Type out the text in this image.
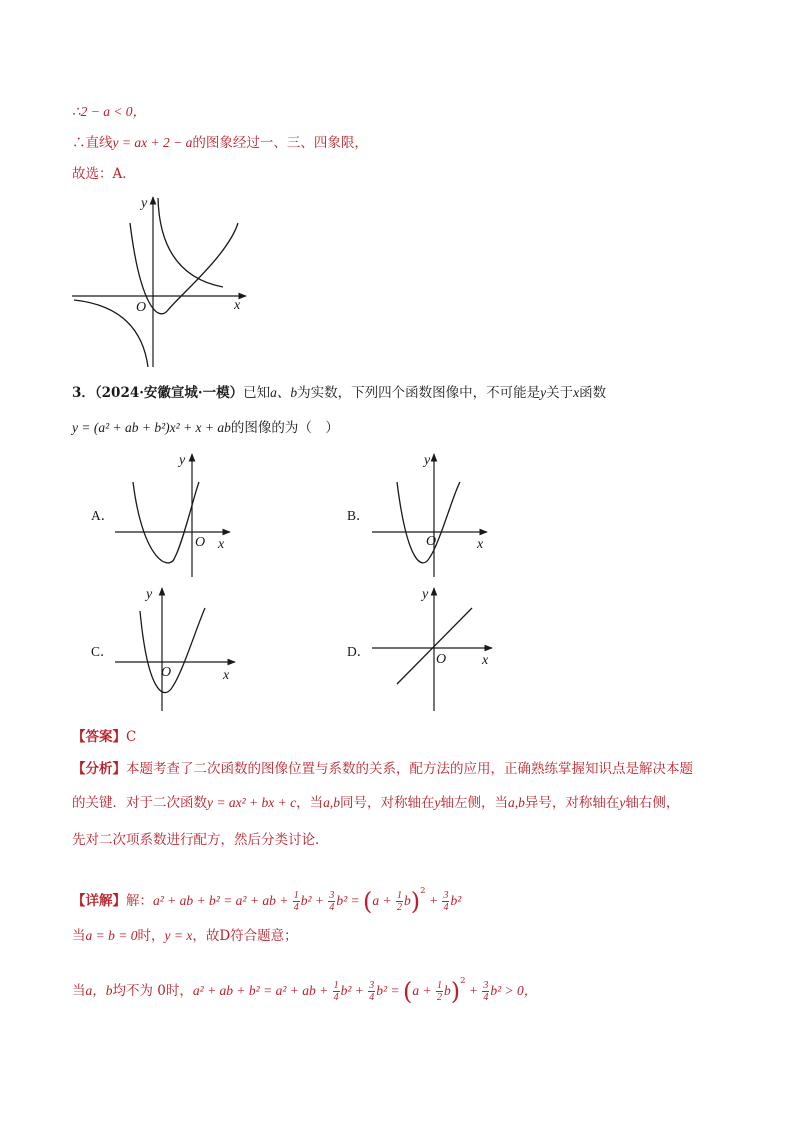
∴2 − a < 0，
∴直线y = ax + 2 − a的图象经过一、三、四象限，
故选：A．
y
x
O
3．（2024·安徽宣城·一模）已知a、b为实数，下列四个函数图像中，不可能是y关于x函数
y = (a² + ab + b²)x² + x + ab的图像的为（　）
A．
y
x
O
B．
y
x
O
C．
y
x
O
D．
y
x
O
【答案】C
【分析】本题考查了二次函数的图像位置与系数的关系，配方法的应用，正确熟练掌握知识点是解决本题
的关键．对于二次函数y = ax² + bx + c，当a,b同号，对称轴在y轴左侧，当a,b异号，对称轴在y轴右侧，
先对二次项系数进行配方，然后分类讨论．
【详解】解：a² + ab + b² = a² + ab + $\frac{1}{4} b^2 + \frac{3}{4} b^2 = (a + \frac{1}{2} b)^2 + \frac{3}{4} b^2$
当a = b = 0时，y = x，故D符合题意；
当a，b均不为 0时，a² + ab + b² = a² + ab + $\frac{1}{4} b^2 + \frac{3}{4} b^2 = (a + \frac{1}{2} b)^2 + \frac{3}{4} b^2 > 0$，
